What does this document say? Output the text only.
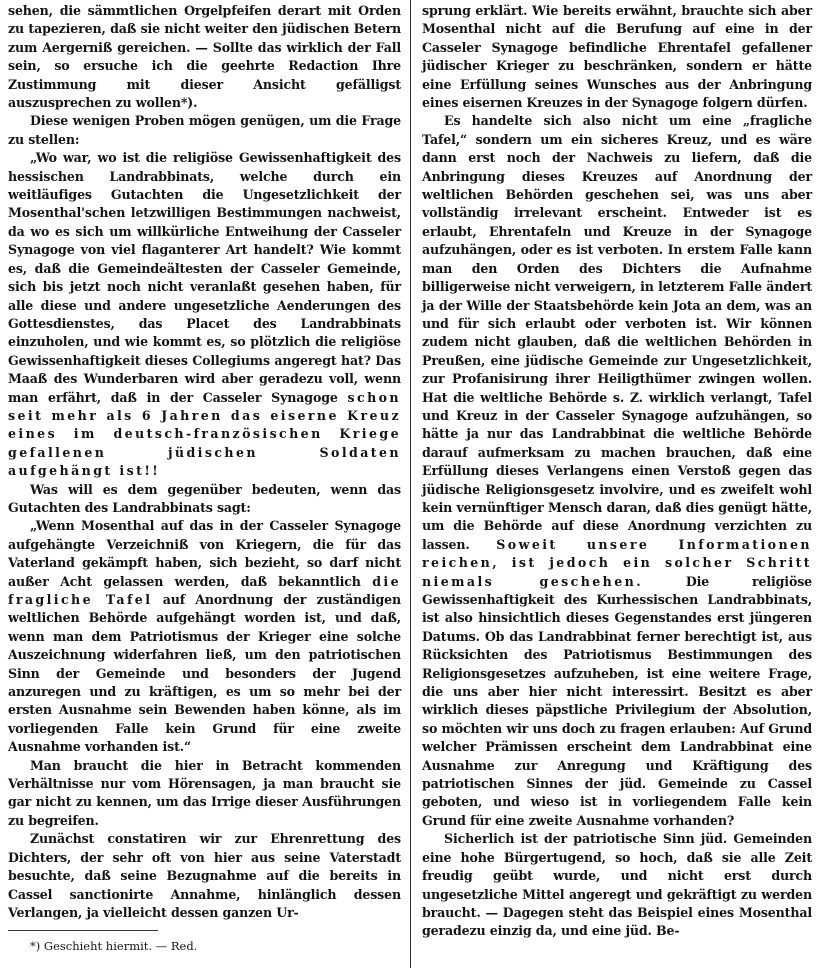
sehen, die sämmtlichen Orgelpfeifen derart mit Orden zu tapezieren, daß sie nicht weiter den jüdischen Betern zum Aergerniß gereichen. — Sollte das wirklich der Fall sein, so ersuche ich die geehrte Redaction Ihre Zustimmung mit dieser Ansicht gefälligst auszusprechen zu wollen*).

Diese wenigen Proben mögen genügen, um die Frage zu stellen:

„Wo war, wo ist die religiöse Gewissenhaftigkeit des hessischen Landrabbinats, welche durch ein weitläufiges Gutachten die Ungesetzlichkeit der Mosenthal'schen letzwilligen Bestimmungen nachweist, da wo es sich um willkürliche Entweihung der Casseler Synagoge von viel flaganterer Art handelt? Wie kommt es, daß die Gemeindeältesten der Casseler Gemeinde, sich bis jetzt noch nicht veranlaßt gesehen haben, für alle diese und andere ungesetzliche Aenderungen des Gottesdienstes, das Placet des Landrabbinats einzuholen, und wie kommt es, so plötzlich die religiöse Gewissenhaftigkeit dieses Collegiums angeregt hat? Das Maaß des Wunderbaren wird aber geradezu voll, wenn man erfährt, daß in der Casseler Synagoge schon seit mehr als 6 Jahren das eiserne Kreuz eines im deutsch-französischen Kriege gefallenen jüdischen Soldaten aufgehängt ist!!

Was will es dem gegenüber bedeuten, wenn das Gutachten des Landrabbinats sagt:

„Wenn Mosenthal auf das in der Casseler Synagoge aufgehängte Verzeichniß von Kriegern, die für das Vaterland gekämpft haben, sich bezieht, so darf nicht außer Acht gelassen werden, daß bekanntlich die fragliche Tafel auf Anordnung der zuständigen weltlichen Behörde aufgehängt worden ist, und daß, wenn man dem Patriotismus der Krieger eine solche Auszeichnung widerfahren ließ, um den patriotischen Sinn der Gemeinde und besonders der Jugend anzuregen und zu kräftigen, es um so mehr bei der ersten Ausnahme sein Bewenden haben könne, als im vorliegenden Falle kein Grund für eine zweite Ausnahme vorhanden ist.“

Man braucht die hier in Betracht kommenden Verhältnisse nur vom Hörensagen, ja man braucht sie gar nicht zu kennen, um das Irrige dieser Ausführungen zu begreifen.

Zunächst constatiren wir zur Ehrenrettung des Dichters, der sehr oft von hier aus seine Vaterstadt besuchte, daß seine Bezugnahme auf die bereits in Cassel sanctionirte Annahme, hinlänglich dessen Verlangen, ja vielleicht dessen ganzen Ur-

sprung erklärt. Wie bereits erwähnt, brauchte sich aber Mosenthal nicht auf die Berufung auf eine in der Casseler Synagoge befindliche Ehrentafel gefallener jüdischer Krieger zu beschränken, sondern er hätte eine Erfüllung seines Wunsches aus der Anbringung eines eisernen Kreuzes in der Synagoge folgern dürfen.

Es handelte sich also nicht um eine „fragliche Tafel,“ sondern um ein sicheres Kreuz, und es wäre dann erst noch der Nachweis zu liefern, daß die Anbringung dieses Kreuzes auf Anordnung der weltlichen Behörden geschehen sei, was uns aber vollständig irrelevant erscheint. Entweder ist es erlaubt, Ehrentafeln und Kreuze in der Synagoge aufzuhängen, oder es ist verboten. In erstem Falle kann man den Orden des Dichters die Aufnahme billigerweise nicht verweigern, in letzterem Falle ändert ja der Wille der Staatsbehörde kein Jota an dem, was an und für sich erlaubt oder verboten ist. Wir können zudem nicht glauben, daß die weltlichen Behörden in Preußen, eine jüdische Gemeinde zur Ungesetzlichkeit, zur Profanisirung ihrer Heiligthümer zwingen wollen. Hat die weltliche Behörde s. Z. wirklich verlangt, Tafel und Kreuz in der Casseler Synagoge aufzuhängen, so hätte ja nur das Landrabbinat die weltliche Behörde darauf aufmerksam zu machen brauchen, daß eine Erfüllung dieses Verlangens einen Verstoß gegen das jüdische Religionsgesetz involvire, und es zweifelt wohl kein vernünftiger Mensch daran, daß dies genügt hätte, um die Behörde auf diese Anordnung verzichten zu lassen. Soweit unsere Informationen reichen, ist jedoch ein solcher Schritt niemals geschehen.	Die religiöse Gewissenhaftigkeit des Kurhessischen Landrabbinats, ist also hinsichtlich dieses Gegenstandes erst jüngeren Datums. Ob das Landrabbinat ferner berechtigt ist, aus Rücksichten des Patriotismus Bestimmungen des Religionsgesetzes aufzuheben, ist eine weitere Frage, die uns aber hier nicht interessirt. Besitzt es aber wirklich dieses päpstliche Privilegium der Absolution, so möchten wir uns doch zu fragen erlauben: Auf Grund welcher Prämissen erscheint dem Landrabbinat eine Ausnahme zur Anregung und Kräftigung des patriotischen Sinnes der jüd. Gemeinde zu Cassel geboten, und wieso ist in vorliegendem Falle kein Grund für eine zweite Ausnahme vorhanden?

Sicherlich ist der patriotische Sinn jüd. Gemeinden eine hohe Bürgertugend, so hoch, daß sie alle Zeit freudig geübt wurde, und nicht erst durch ungesetzliche Mittel angeregt und gekräftigt zu werden braucht. — Dagegen steht das Beispiel eines Mosenthal geradezu einzig da, und eine jüd. Be-

*) Geschieht hiermit. — Red.
